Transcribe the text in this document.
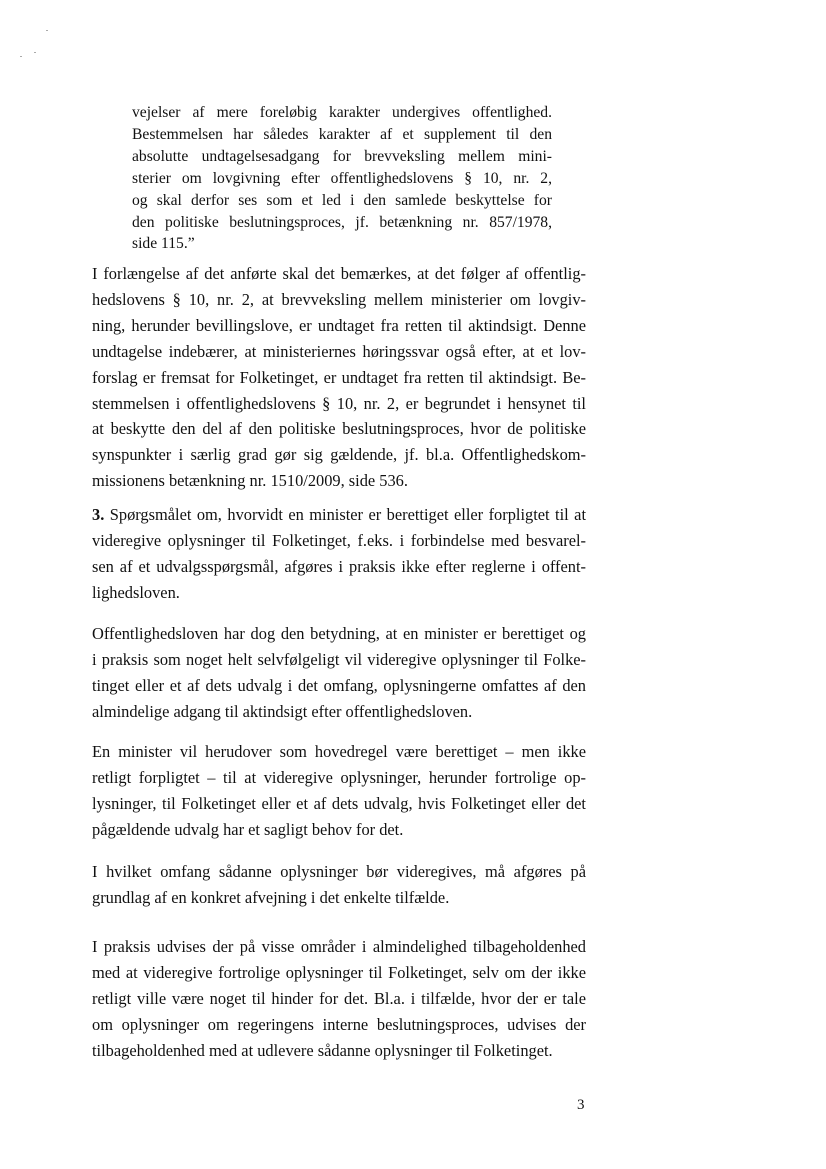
vejelser af mere foreløbig karakter undergives offentlighed.
Bestemmelsen har således karakter af et supplement til den
absolutte undtagelsesadgang for brevveksling mellem mini-
sterier om lovgivning efter offentlighedslovens § 10, nr. 2,
og skal derfor ses som et led i den samlede beskyttelse for
den politiske beslutningsproces, jf. betænkning nr. 857/1978,
side 115.”
I forlængelse af det anførte skal det bemærkes, at det følger af offentlig-
hedslovens § 10, nr. 2, at brevveksling mellem ministerier om lovgiv-
ning, herunder bevillingslove, er undtaget fra retten til aktindsigt. Denne
undtagelse indebærer, at ministeriernes høringssvar også efter, at et lov-
forslag er fremsat for Folketinget, er undtaget fra retten til aktindsigt. Be-
stemmelsen i offentlighedslovens § 10, nr. 2, er begrundet i hensynet til
at beskytte den del af den politiske beslutningsproces, hvor de politiske
synspunkter i særlig grad gør sig gældende, jf. bl.a. Offentlighedskom-
missionens betænkning nr. 1510/2009, side 536.
3. Spørgsmålet om, hvorvidt en minister er berettiget eller forpligtet til at
videregive oplysninger til Folketinget, f.eks. i forbindelse med besvarel-
sen af et udvalgsspørgsmål, afgøres i praksis ikke efter reglerne i offent-
lighedsloven.
Offentlighedsloven har dog den betydning, at en minister er berettiget og
i praksis som noget helt selvfølgeligt vil videregive oplysninger til Folke-
tinget eller et af dets udvalg i det omfang, oplysningerne omfattes af den
almindelige adgang til aktindsigt efter offentlighedsloven.
En minister vil herudover som hovedregel være berettiget – men ikke
retligt forpligtet – til at videregive oplysninger, herunder fortrolige op-
lysninger, til Folketinget eller et af dets udvalg, hvis Folketinget eller det
pågældende udvalg har et sagligt behov for det.
I hvilket omfang sådanne oplysninger bør videregives, må afgøres på
grundlag af en konkret afvejning i det enkelte tilfælde.
I praksis udvises der på visse områder i almindelighed tilbageholdenhed
med at videregive fortrolige oplysninger til Folketinget, selv om der ikke
retligt ville være noget til hinder for det. Bl.a. i tilfælde, hvor der er tale
om oplysninger om regeringens interne beslutningsproces, udvises der
tilbageholdenhed med at udlevere sådanne oplysninger til Folketinget.
3
